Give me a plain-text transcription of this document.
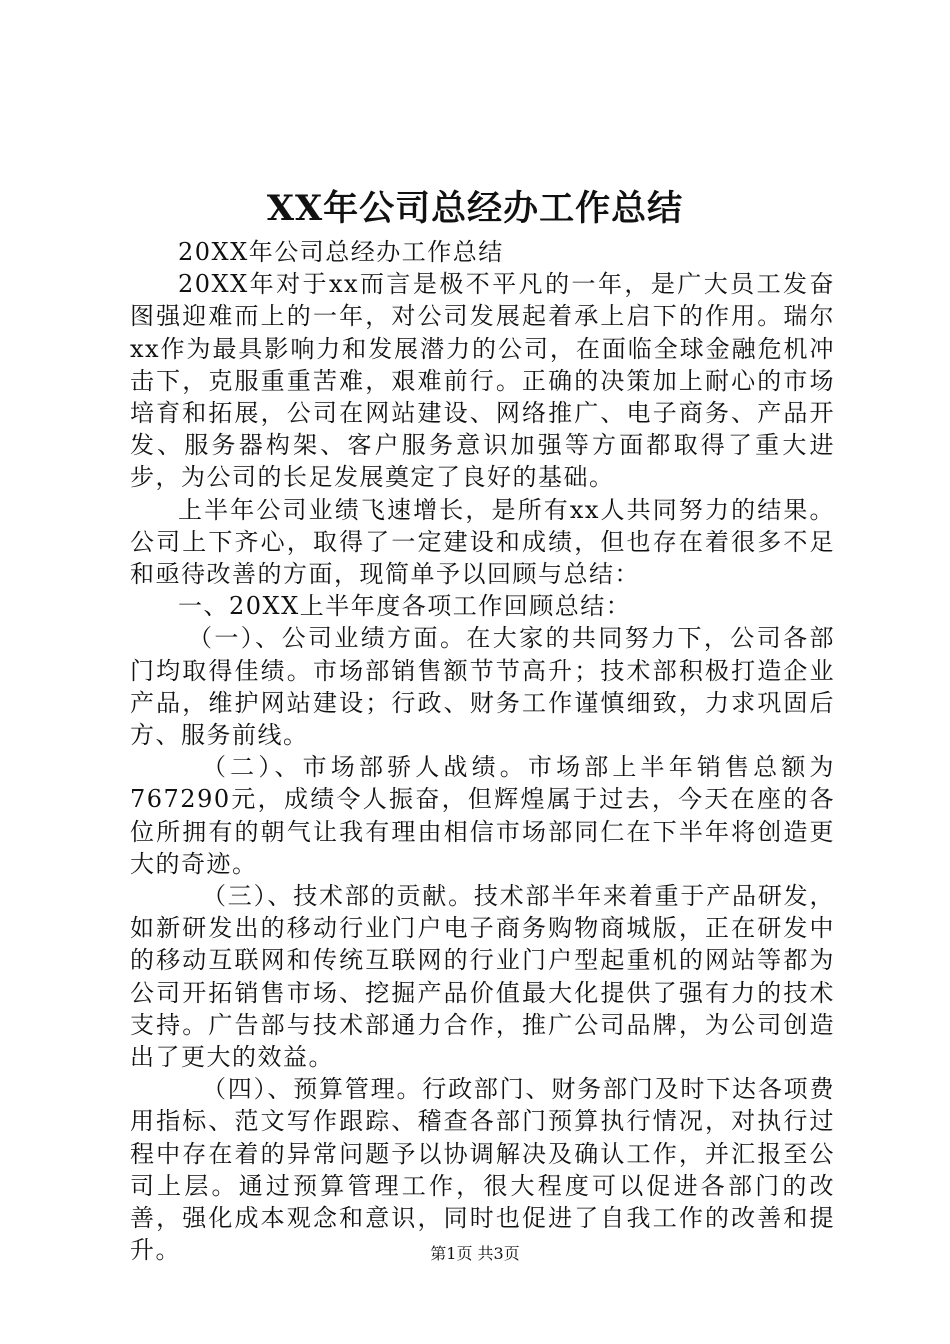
XX年公司总经办工作总结

20XX年公司总经办工作总结

20XX年对于xx而言是极不平凡的一年，是广大员工发奋图强迎难而上的一年，对公司发展起着承上启下的作用。瑞尔xx作为最具影响力和发展潜力的公司，在面临全球金融危机冲击下，克服重重苦难，艰难前行。正确的决策加上耐心的市场培育和拓展，公司在网站建设、网络推广、电子商务、产品开发、服务器构架、客户服务意识加强等方面都取得了重大进步，为公司的长足发展奠定了良好的基础。

上半年公司业绩飞速增长，是所有xx人共同努力的结果。公司上下齐心，取得了一定建设和成绩，但也存在着很多不足和亟待改善的方面，现简单予以回顾与总结：

一、20XX上半年度各项工作回顾总结：

（一）、公司业绩方面。在大家的共同努力下，公司各部门均取得佳绩。市场部销售额节节高升；技术部积极打造企业产品，维护网站建设；行政、财务工作谨慎细致，力求巩固后方、服务前线。

（二）、市场部骄人战绩。市场部上半年销售总额为767290元，成绩令人振奋，但辉煌属于过去，今天在座的各位所拥有的朝气让我有理由相信市场部同仁在下半年将创造更大的奇迹。

（三）、技术部的贡献。技术部半年来着重于产品研发，如新研发出的移动行业门户电子商务购物商城版，正在研发中的移动互联网和传统互联网的行业门户型起重机的网站等都为公司开拓销售市场、挖掘产品价值最大化提供了强有力的技术支持。广告部与技术部通力合作，推广公司品牌，为公司创造出了更大的效益。

（四）、预算管理。行政部门、财务部门及时下达各项费用指标、范文写作跟踪、稽查各部门预算执行情况，对执行过程中存在着的异常问题予以协调解决及确认工作，并汇报至公司上层。通过预算管理工作，很大程度可以促进各部门的改善，强化成本观念和意识，同时也促进了自我工作的改善和提升。	第1页 共3页
